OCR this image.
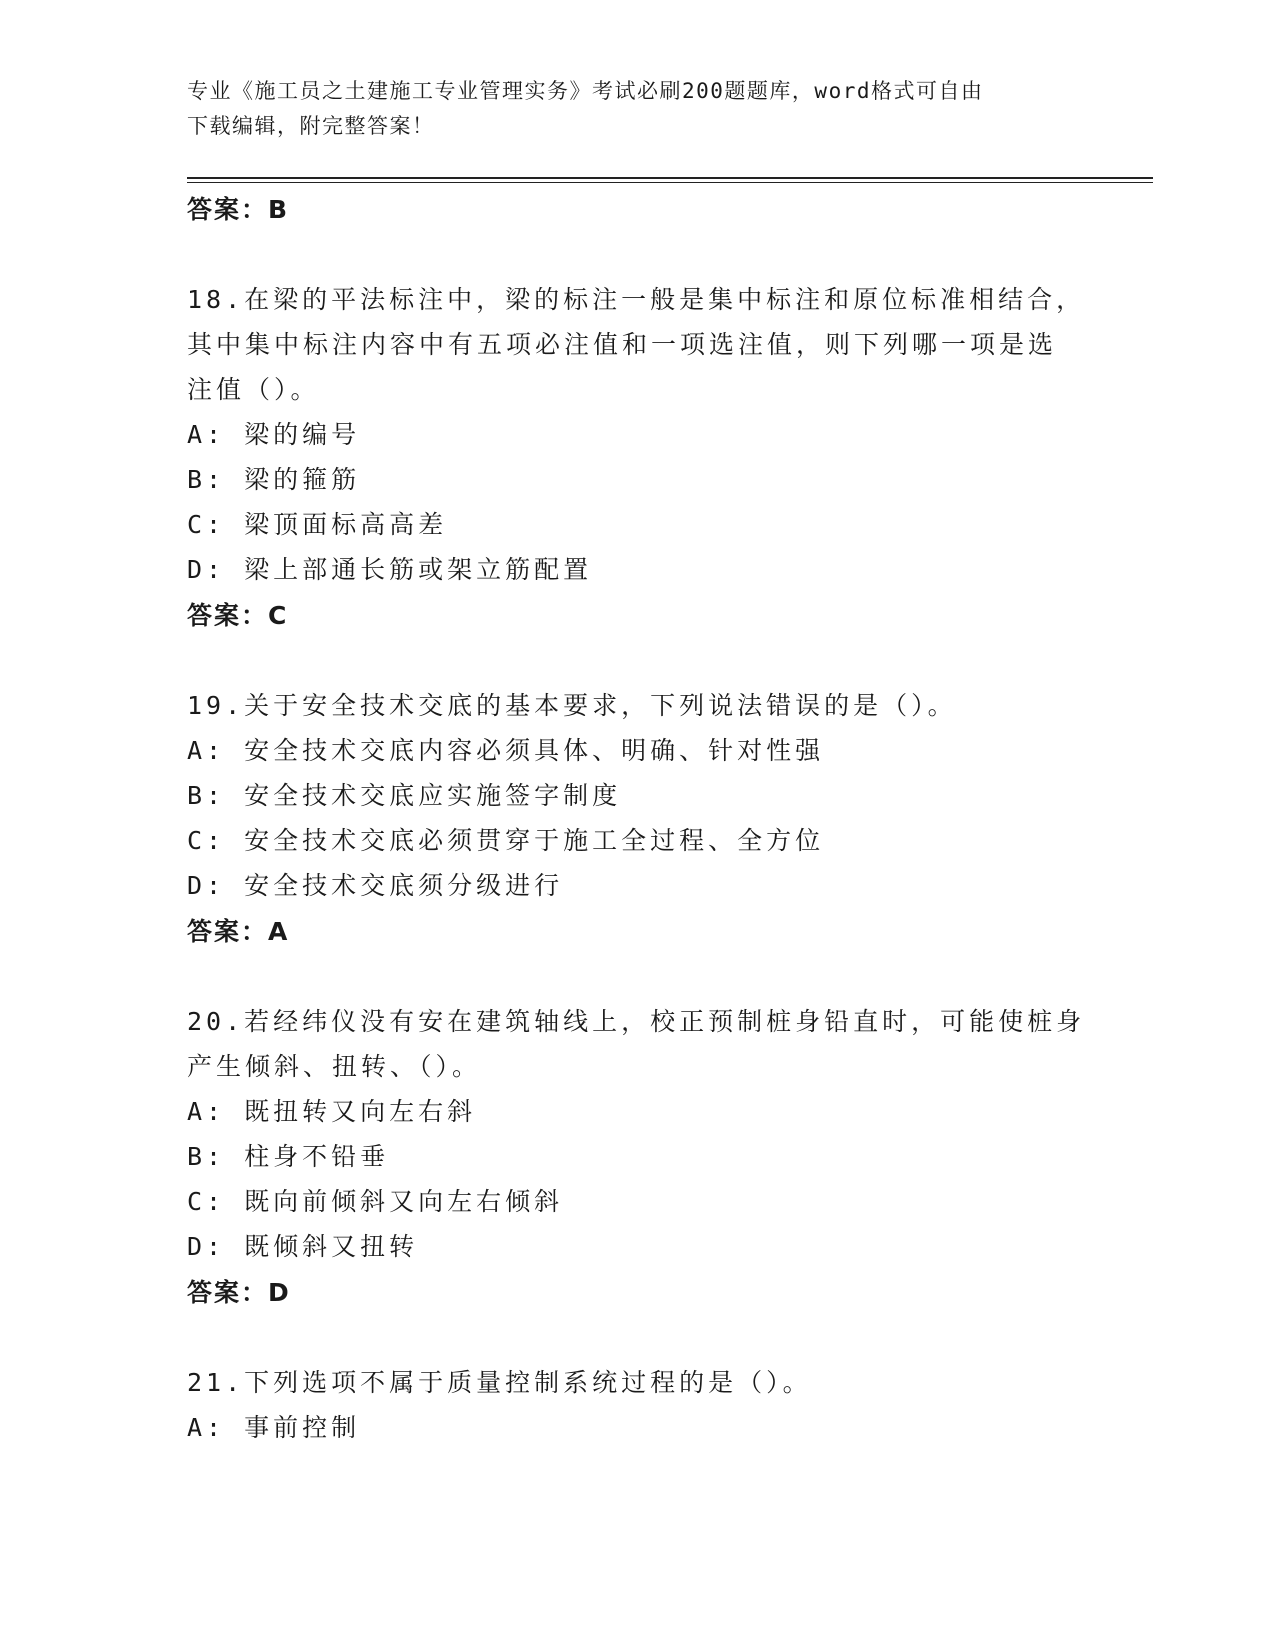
专业《施工员之土建施工专业管理实务》考试必刷200题题库，word格式可自由
下载编辑，附完整答案！
答案：B
18.在梁的平法标注中，梁的标注一般是集中标注和原位标准相结合，
其中集中标注内容中有五项必注值和一项选注值，则下列哪一项是选
注值（）。
A: 梁的编号
B: 梁的箍筋
C: 梁顶面标高高差
D: 梁上部通长筋或架立筋配置
答案：C
19.关于安全技术交底的基本要求，下列说法错误的是（）。
A: 安全技术交底内容必须具体、明确、针对性强
B: 安全技术交底应实施签字制度
C: 安全技术交底必须贯穿于施工全过程、全方位
D: 安全技术交底须分级进行
答案：A
20.若经纬仪没有安在建筑轴线上，校正预制桩身铅直时，可能使桩身
产生倾斜、扭转、（）。
A: 既扭转又向左右斜
B: 柱身不铅垂
C: 既向前倾斜又向左右倾斜
D: 既倾斜又扭转
答案：D
21.下列选项不属于质量控制系统过程的是（）。
A: 事前控制
